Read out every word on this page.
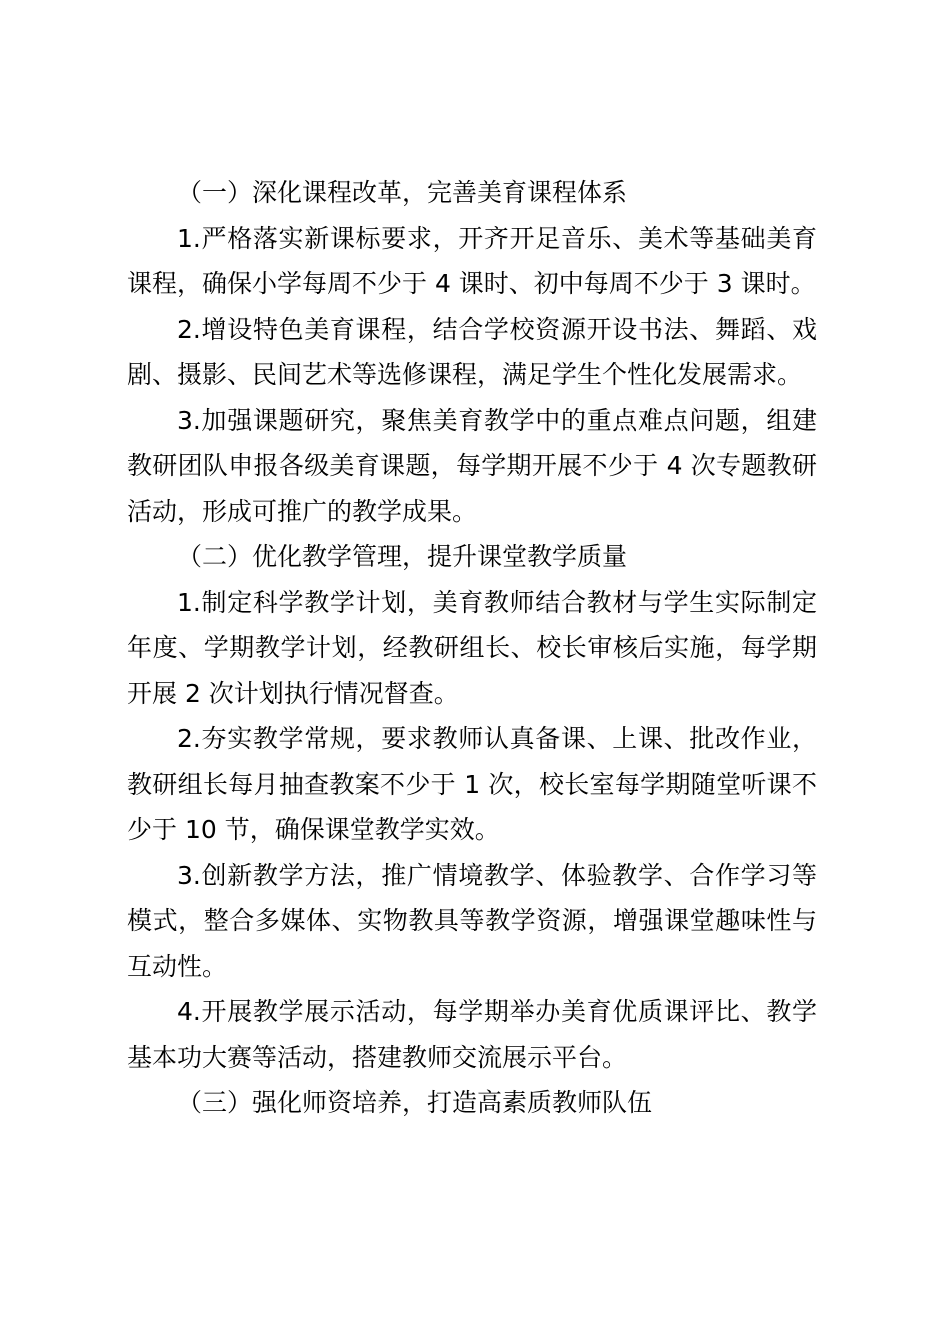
（一）深化课程改革，完善美育课程体系

1.严格落实新课标要求，开齐开足音乐、美术等基础美育课程，确保小学每周不少于 4 课时、初中每周不少于 3 课时。

2.增设特色美育课程，结合学校资源开设书法、舞蹈、戏剧、摄影、民间艺术等选修课程，满足学生个性化发展需求。

3.加强课题研究，聚焦美育教学中的重点难点问题，组建教研团队申报各级美育课题，每学期开展不少于 4 次专题教研活动，形成可推广的教学成果。

（二）优化教学管理，提升课堂教学质量

1.制定科学教学计划，美育教师结合教材与学生实际制定年度、学期教学计划，经教研组长、校长审核后实施，每学期开展 2 次计划执行情况督查。

2.夯实教学常规，要求教师认真备课、上课、批改作业，教研组长每月抽查教案不少于 1 次，校长室每学期随堂听课不少于 10 节，确保课堂教学实效。

3.创新教学方法，推广情境教学、体验教学、合作学习等模式，整合多媒体、实物教具等教学资源，增强课堂趣味性与互动性。

4.开展教学展示活动，每学期举办美育优质课评比、教学基本功大赛等活动，搭建教师交流展示平台。

（三）强化师资培养，打造高素质教师队伍
